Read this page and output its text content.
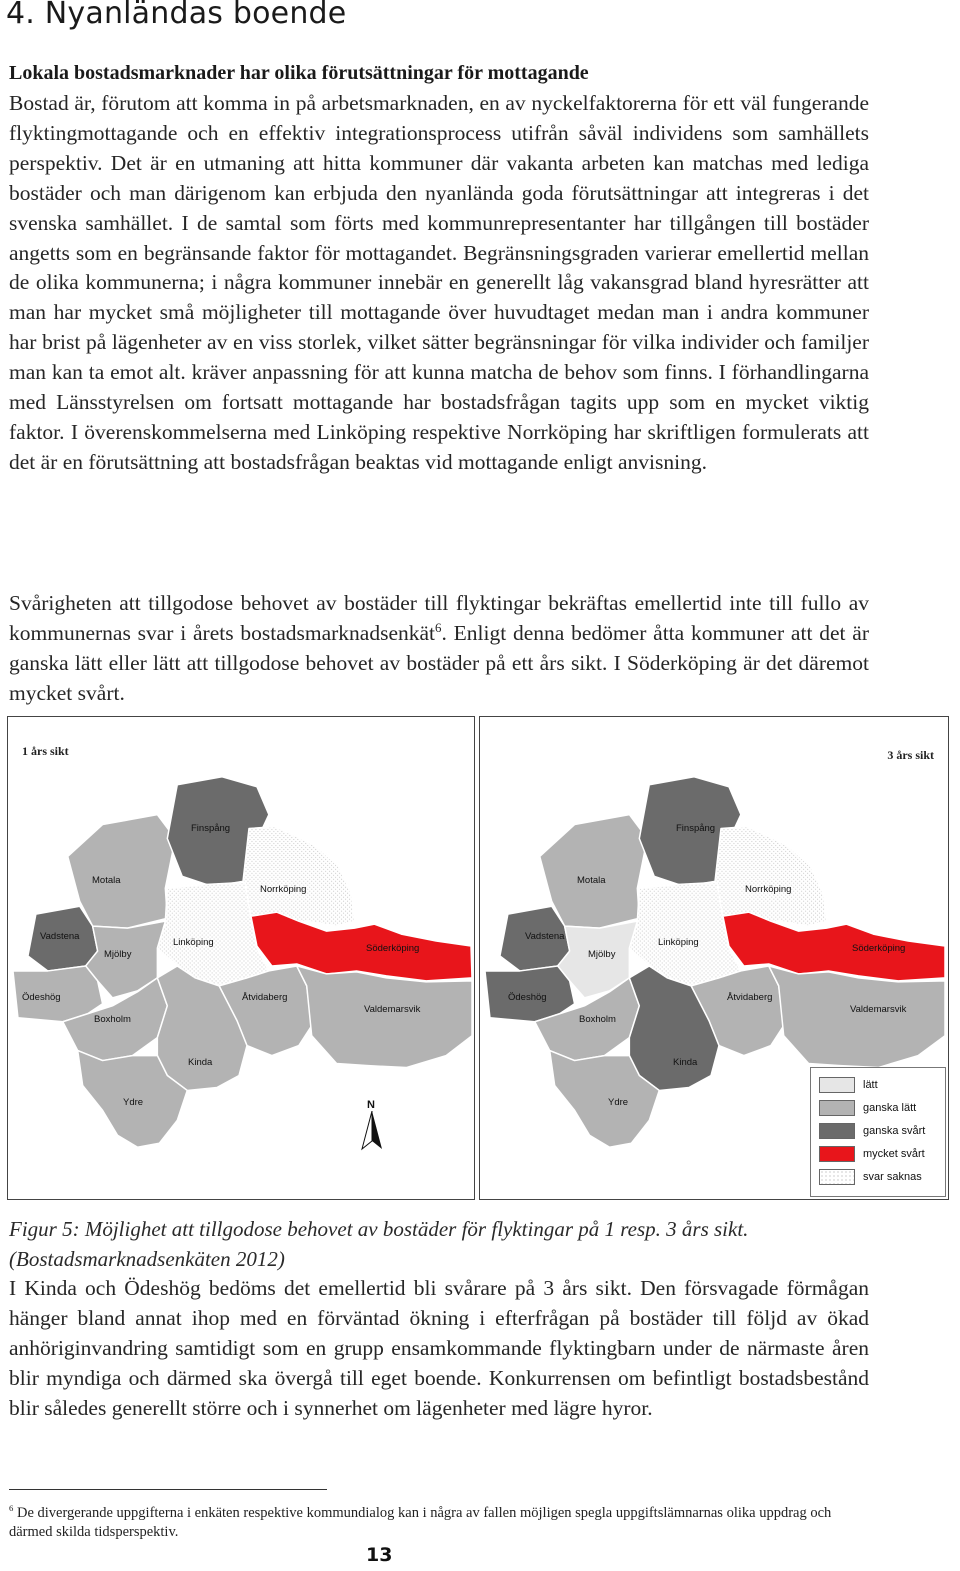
4. Nyanländas boende
Lokala bostadsmarknader har olika förutsättningar för mottagande

Bostad är, förutom att komma in på arbetsmarknaden, en av nyckelfaktorerna för ett väl fungerande flyktingmottagande och en effektiv integrationsprocess utifrån såväl individens som samhällets perspektiv. Det är en utmaning att hitta kommuner där vakanta arbeten kan matchas med lediga bostäder och man därigenom kan erbjuda den nyanlända goda förutsättningar att integreras i det svenska samhället. I de samtal som förts med kommunrepresentanter har tillgången till bostäder angetts som en begränsande faktor för mottagandet. Begränsningsgraden varierar emellertid mellan de olika kommunerna; i några kommuner innebär en generellt låg vakansgrad bland hyresrätter att man har mycket små möjligheter till mottagande över huvudtaget medan man i andra kommuner har brist på lägenheter av en viss storlek, vilket sätter begränsningar för vilka individer och familjer man kan ta emot alt. kräver anpassning för att kunna matcha de behov som finns. I förhandlingarna med Länsstyrelsen om fortsatt mottagande har bostadsfrågan tagits upp som en mycket viktig faktor. I överenskommelserna med Linköping respektive Norrköping har skriftligen formulerats att det är en förutsättning att bostadsfrågan beaktas vid mottagande enligt anvisning.

Svårigheten att tillgodose behovet av bostäder till flyktingar bekräftas emellertid inte till fullo av kommunernas svar i årets bostadsmarknadsenkät$^6$. Enligt denna bedömer åtta kommuner att det är ganska lätt eller lätt att tillgodose behovet av bostäder på ett års sikt. I Söderköping är det däremot mycket svårt.

1 års sikt
Finspång
Motala
Norrköping
Vadstena
Mjölby
Linköping
Söderköping
Ödeshög	Åtvidaberg
Valdemarsvik
Boxholm
Kinda
Ydre	N
3 års sikt
Finspång
Motala
Norrköping
Vadstena
Mjölby
Linköping
Söderköping
Ödeshög	Åtvidaberg
Valdemarsvik
Boxholm
Kinda
Ydre
lätt
ganska lätt
ganska svårt
mycket svårt
svar saknas

Figur 5: Möjlighet att tillgodose behovet av bostäder för flyktingar på 1 resp. 3 års sikt.
(Bostadsmarknadsenkäten 2012)

I Kinda och Ödeshög bedöms det emellertid bli svårare på 3 års sikt. Den försvagade förmågan hänger bland annat ihop med en förväntad ökning i efterfrågan på bostäder till följd av ökad anhöriginvandring samtidigt som en grupp ensamkommande flyktingbarn under de närmaste åren blir myndiga och därmed ska övergå till eget boende. Konkurrensen om befintligt bostadsbestånd blir således generellt större och i synnerhet om lägenheter med lägre hyror.

$^6$ De divergerande uppgifterna i enkäten respektive kommundialog kan i några av fallen möjligen spegla uppgiftslämnarnas olika uppdrag och därmed skilda tidsperspektiv.

13
